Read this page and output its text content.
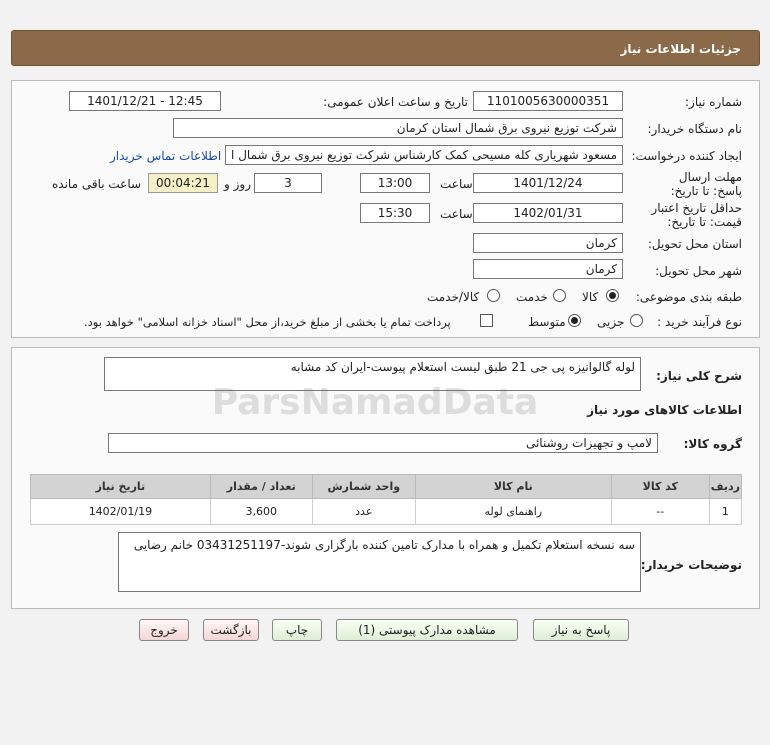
جزئیات اطلاعات نیاز
شماره نیاز:
1101005630000351
تاریخ و ساعت اعلان عمومی:
1401/12/21 - 12:45
نام دستگاه خریدار:
شرکت توزیع نیروی برق شمال استان کرمان
ایجاد کننده درخواست:
مسعود شهریاری کله مسیحی کمک کارشناس شرکت توزیع نیروی برق شمال ا
اطلاعات تماس خریدار
مهلت ارسال پاسخ: تا تاریخ:
1401/12/24
ساعت
13:00
3
روز و
00:04:21
ساعت باقی مانده
حداقل تاریخ اعتبار قیمت: تا تاریخ:
1402/01/31
ساعت
15:30
استان محل تحویل:
کرمان
شهر محل تحویل:
کرمان
طبقه بندی موضوعی:
کالا
خدمت
کالا/خدمت
نوع فرآیند خرید :
جزیی
متوسط
پرداخت تمام یا بخشی از مبلغ خرید،از محل "اسناد خزانه اسلامی" خواهد بود.
شرح کلی نیاز:
لوله گالوانیزه پی جی 21 طبق لیست استعلام پیوست-ایران کد مشابه
ParsNamadData	اطلاعات کالاهای مورد نیاز
گروه کالا:
لامپ و تجهیزات روشنائی
ردیف	کد کالا	نام کالا	واحد شمارش	تعداد / مقدار	تاریخ نیاز
1	--	راهنمای لوله	عدد	3,600	1402/01/19
توضیحات خریدار:
سه نسخه استعلام تکمیل و همراه با مدارک تامین کننده بارگزاری شوند-03431251197 خانم رضایی
پاسخ به نیاز
مشاهده مدارک پیوستی (1)
چاپ
بازگشت
خروج
